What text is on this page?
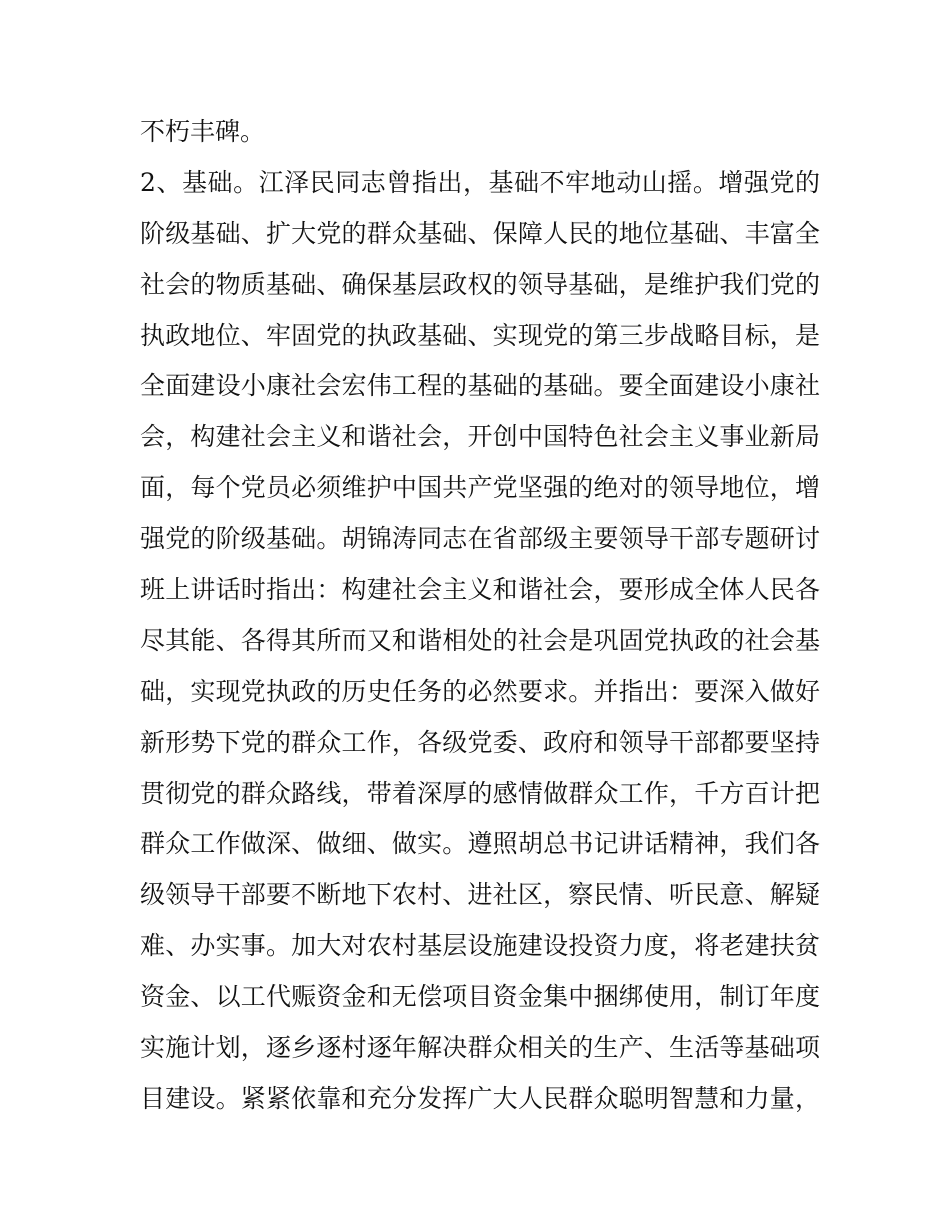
不朽丰碑。
2、基础。江泽民同志曾指出，基础不牢地动山摇。增强党的
阶级基础、扩大党的群众基础、保障人民的地位基础、丰富全
社会的物质基础、确保基层政权的领导基础，是维护我们党的
执政地位、牢固党的执政基础、实现党的第三步战略目标，是
全面建设小康社会宏伟工程的基础的基础。要全面建设小康社
会，构建社会主义和谐社会，开创中国特色社会主义事业新局
面，每个党员必须维护中国共产党坚强的绝对的领导地位，增
强党的阶级基础。胡锦涛同志在省部级主要领导干部专题研讨
班上讲话时指出：构建社会主义和谐社会，要形成全体人民各
尽其能、各得其所而又和谐相处的社会是巩固党执政的社会基
础，实现党执政的历史任务的必然要求。并指出：要深入做好
新形势下党的群众工作，各级党委、政府和领导干部都要坚持
贯彻党的群众路线，带着深厚的感情做群众工作，千方百计把
群众工作做深、做细、做实。遵照胡总书记讲话精神，我们各
级领导干部要不断地下农村、进社区，察民情、听民意、解疑
难、办实事。加大对农村基层设施建设投资力度，将老建扶贫
资金、以工代赈资金和无偿项目资金集中捆绑使用，制订年度
实施计划，逐乡逐村逐年解决群众相关的生产、生活等基础项
目建设。紧紧依靠和充分发挥广大人民群众聪明智慧和力量，
